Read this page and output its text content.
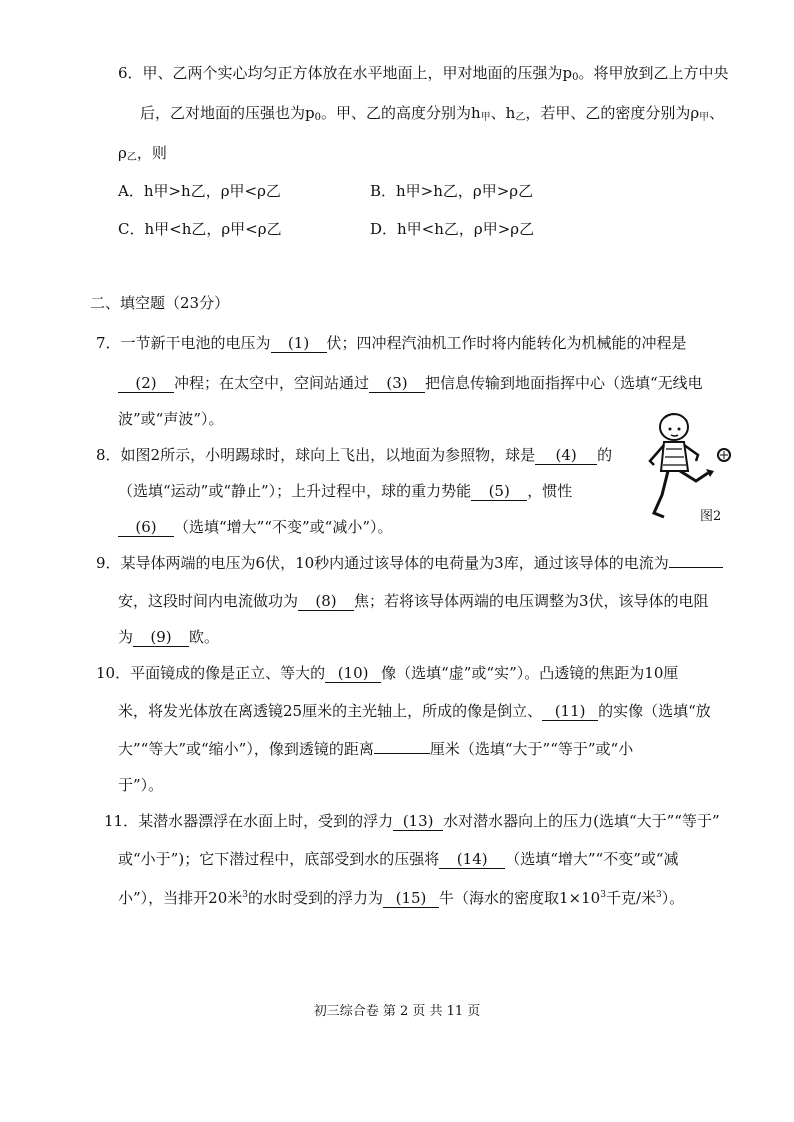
6．甲、乙两个实心均匀正方体放在水平地面上，甲对地面的压强为$p_0$。将甲放到乙上方中央
后，乙对地面的压强也为$p_0$。甲、乙的高度分别为$h_甲$、$h_乙$，若甲、乙的密度分别为$\rho_甲$、
$\rho_乙$，则
A．h甲>h乙，ρ甲<ρ乙	B．h甲>h乙，ρ甲>ρ乙
C．h甲<h乙，ρ甲<ρ乙	D．h甲<h乙，ρ甲>ρ乙
二、填空题（23分）
7．一节新干电池的电压为 (1) 伏；四冲程汽油机工作时将内能转化为机械能的冲程是
(2) 冲程；在太空中，空间站通过 (3) 把信息传输到地面指挥中心（选填“无线电
波”或“声波”）。
8．如图2所示，小明踢球时，球向上飞出，以地面为参照物，球是 (4) 的
（选填“运动”或“静止”）；上升过程中，球的重力势能 (5) ，惯性
(6) （选填“增大”“不变”或“减小”）。
图2
9．某导体两端的电压为6伏，10秒内通过该导体的电荷量为3库，通过该导体的电流为
安，这段时间内电流做功为 (8) 焦；若将该导体两端的电压调整为3伏，该导体的电阻
为 (9) 欧。
10．平面镜成的像是正立、等大的 (10) 像（选填“虚”或“实”）。凸透镜的焦距为10厘
米，将发光体放在离透镜25厘米的主光轴上，所成的像是倒立、 (11) 的实像（选填“放
大”“等大”或“缩小”），像到透镜的距离	厘米（选填“大于”“等于”或“小
于”）。
11．某潜水器漂浮在水面上时，受到的浮力 (13) 水对潜水器向上的压力(选填“大于”“等于”
或“小于”)；它下潜过程中，底部受到水的压强将 (14) （选填“增大”“不变”或“减
小”），当排开20米$^3$的水时受到的浮力为 (15) 牛（海水的密度取$1\times 10^3$千克/米$^3$）。
初三综合卷 第 2 页 共 11 页
